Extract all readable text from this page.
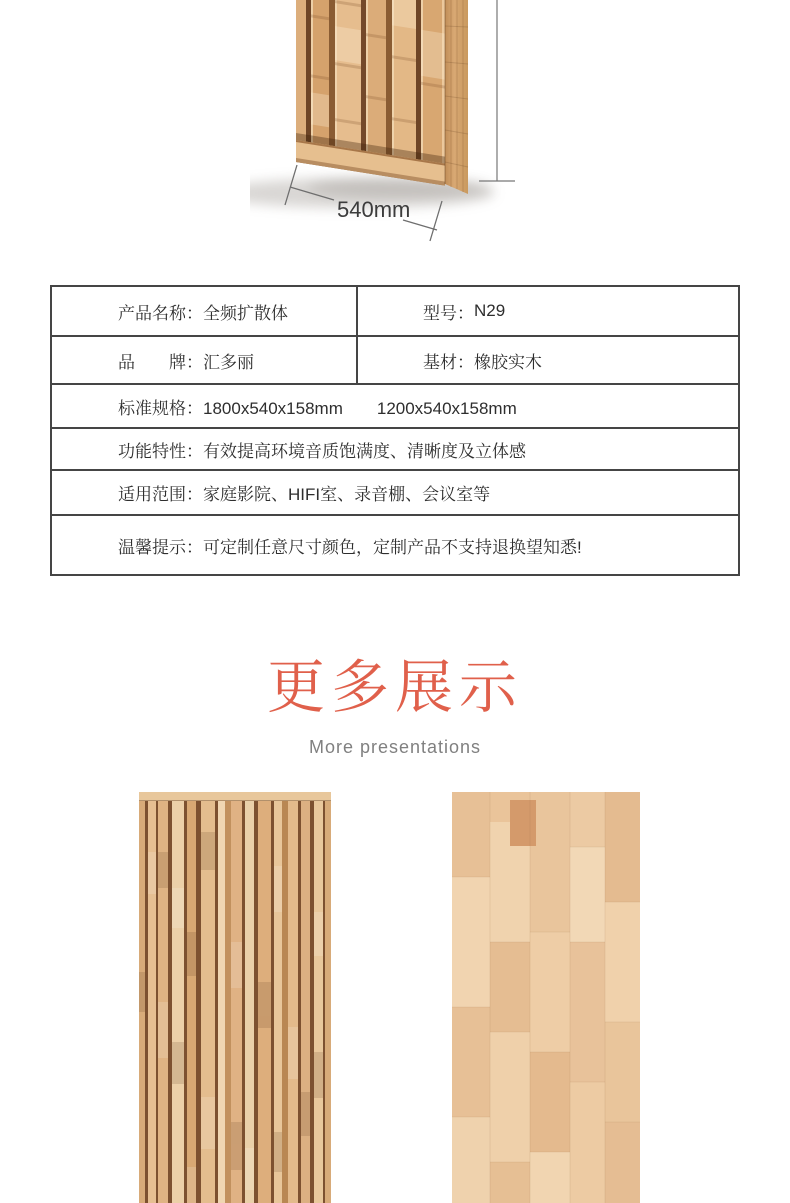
540mm
产品名称： 全频扩散体	型号： N29
品　　牌： 汇多丽	基材： 橡胶实木
标准规格： 1800x540x158mm　　1200x540x158mm
功能特性： 有效提高环境音质饱满度、清晰度及立体感
适用范围： 家庭影院、HIFI室、录音棚、会议室等
温馨提示： 可定制任意尺寸颜色，定制产品不支持退换望知悉!
更多展示

More presentations
